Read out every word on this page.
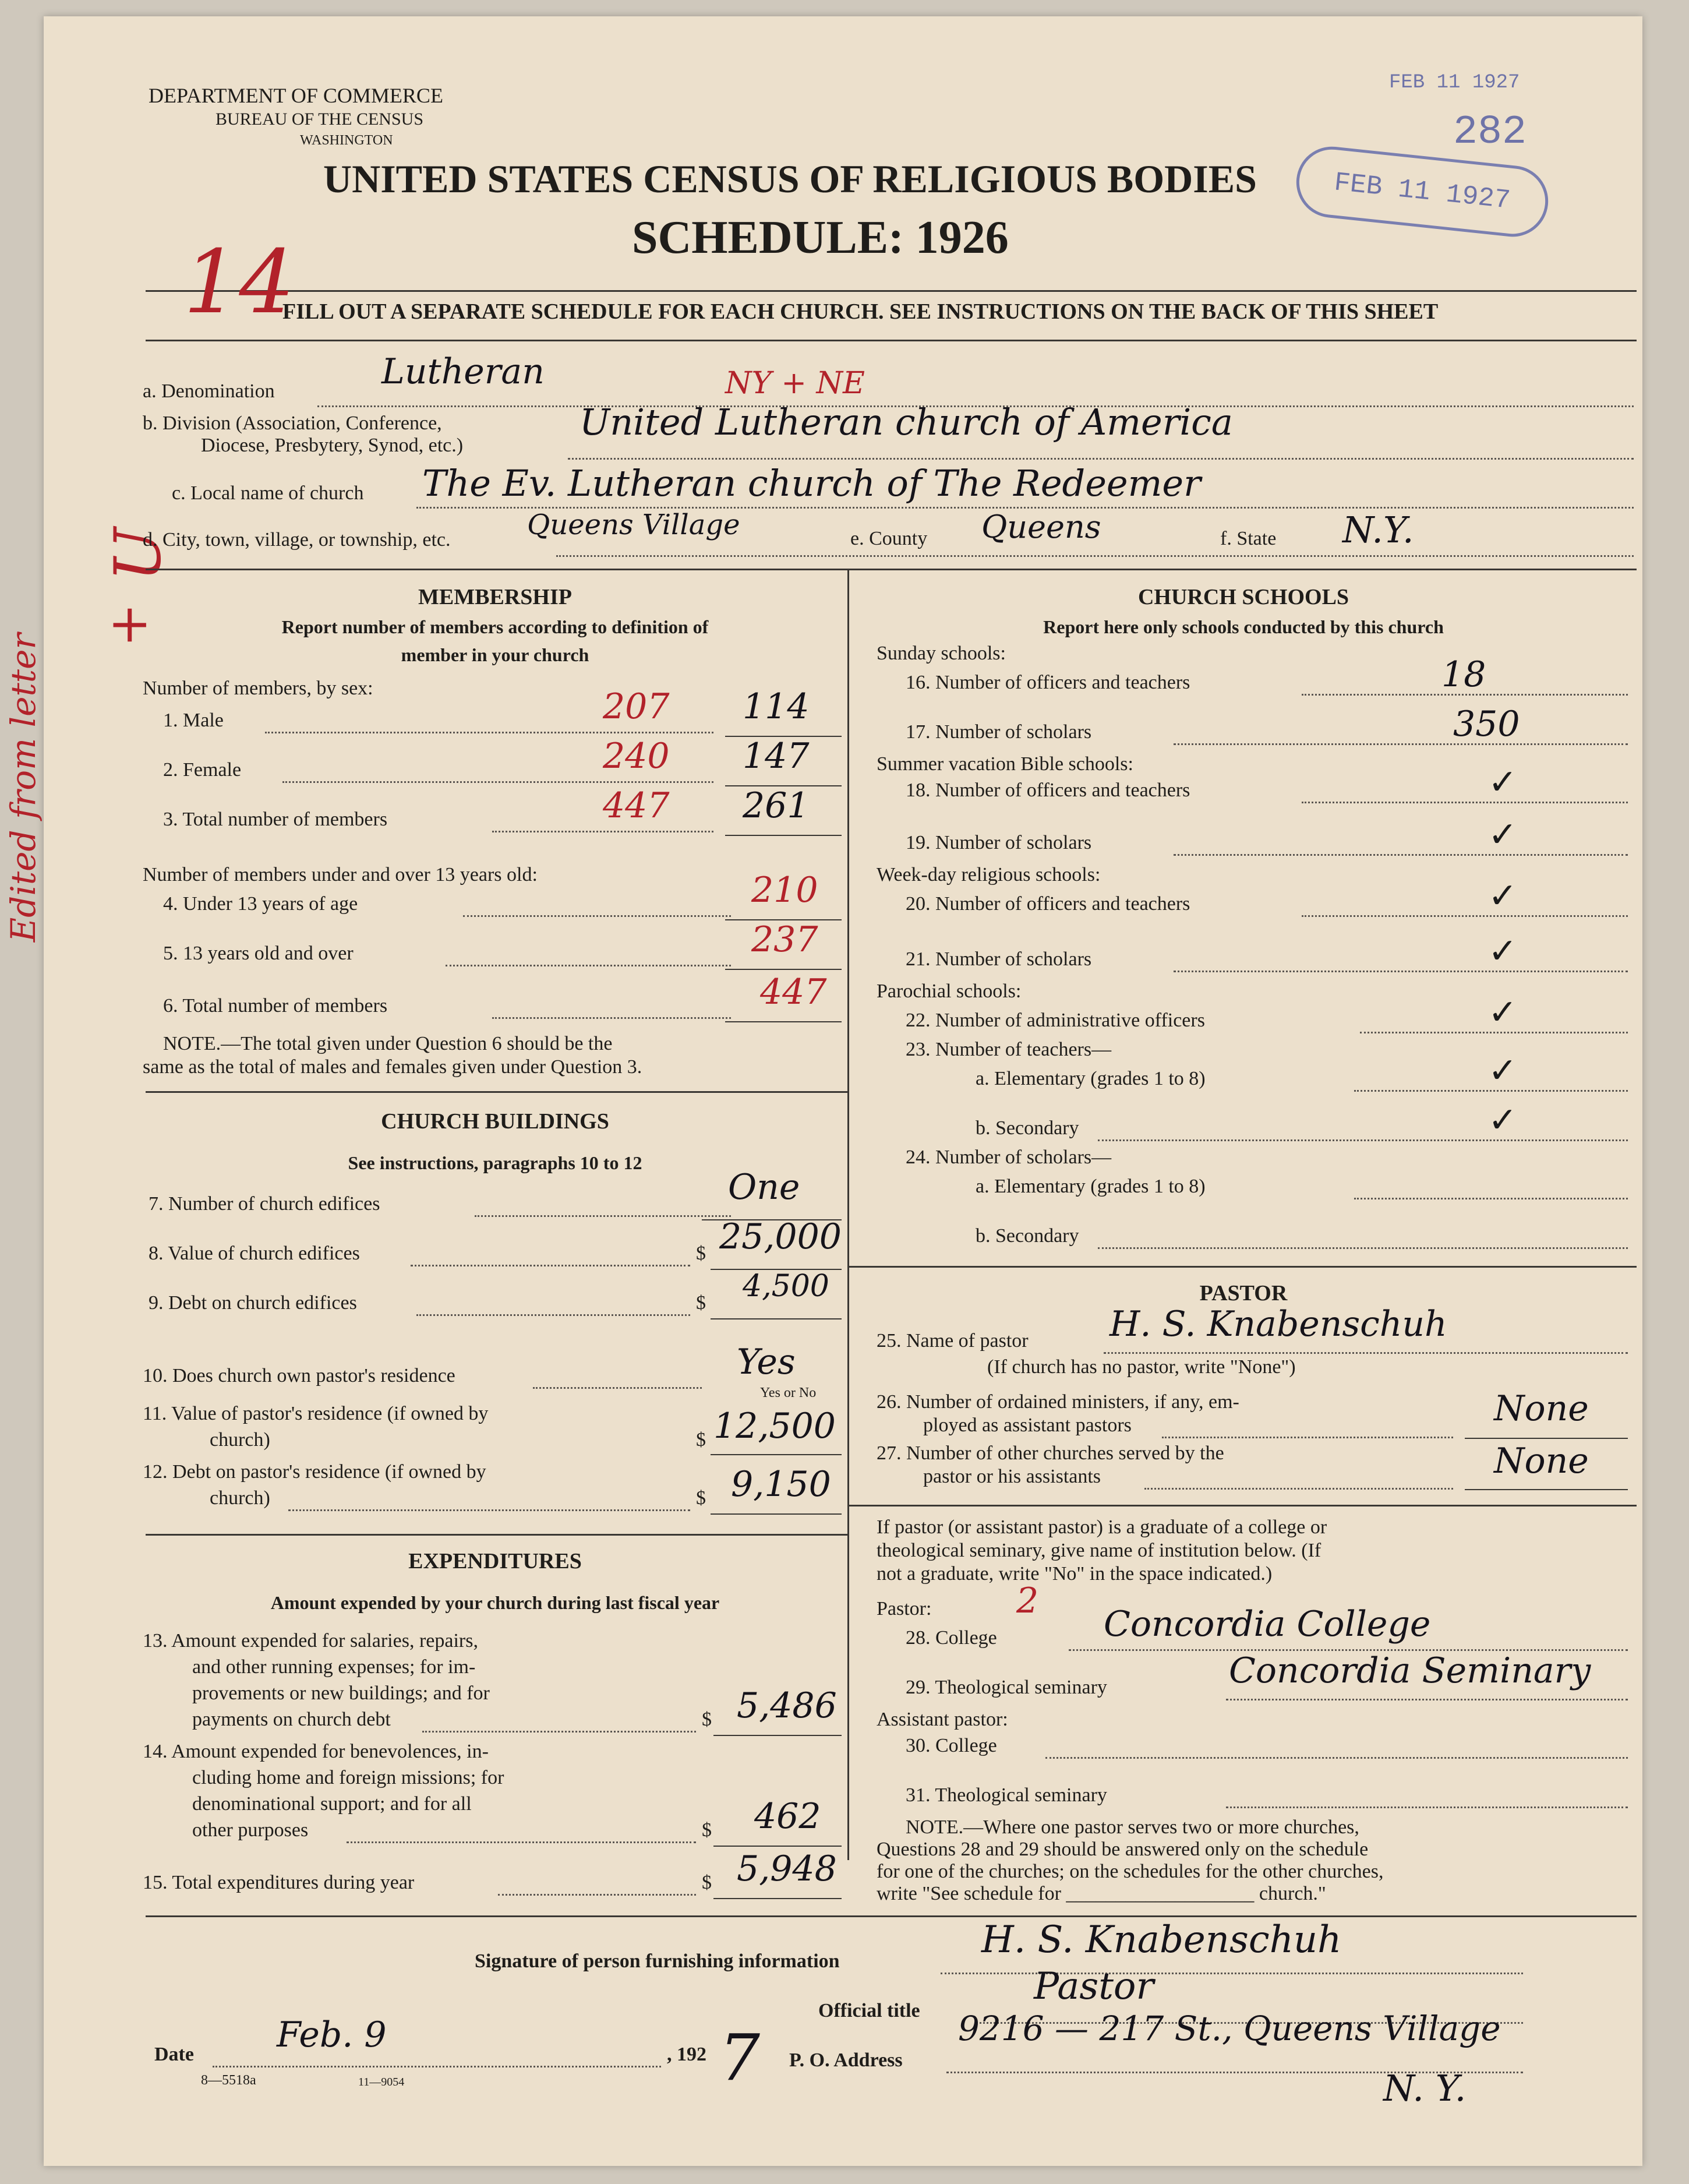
DEPARTMENT OF COMMERCE
BUREAU OF THE CENSUS
WASHINGTON
UNITED STATES CENSUS OF RELIGIOUS BODIES
SCHEDULE: 1926
FILL OUT A SEPARATE SCHEDULE FOR EACH CHURCH. SEE INSTRUCTIONS ON THE BACK OF THIS SHEET
FEB 11 1927
FEB 11 1927
282
14
Edited from letter
+
U
NY + NE
a. Denomination	Lutheran
b. Division (Association, Conference,
Diocese, Presbytery, Synod, etc.)
United Lutheran church of America
c. Local name of church The Ev. Lutheran church of The Redeemer
d. City, town, village, or township, etc.	Queens Village	e. County Queens	f. State N.Y.
MEMBERSHIP
Report number of members according to definition of
member in your church
Number of members, by sex:
1. Male	207 114
2. Female	240 147
3. Total number of members	447 261
Number of members under and over 13 years old:
4. Under 13 years of age	210
5. 13 years old and over	237
6. Total number of members	447
NOTE.—The total given under Question 6 should be the
same as the total of males and females given under Question 3.
CHURCH BUILDINGS
See instructions, paragraphs 10 to 12
7. Number of church edifices	One
8. Value of church edifices	$ 25,000
9. Debt on church edifices	$ 4,500
10. Does church own pastor's residence	Yes
Yes or No
11. Value of pastor's residence (if owned by
church)	$ 12,500
12. Debt on pastor's residence (if owned by
church)	$ 9,150
EXPENDITURES
Amount expended by your church during last fiscal year
13. Amount expended for salaries, repairs,
and other running expenses; for im-
provements or new buildings; and for
payments on church debt	$ 5,486
14. Amount expended for benevolences, in-
cluding home and foreign missions; for
denominational support; and for all
other purposes	$ 462
15. Total expenditures during year	$ 5,948
CHURCH SCHOOLS
Report here only schools conducted by this church
Sunday schools:
16. Number of officers and teachers	18
17. Number of scholars	350
Summer vacation Bible schools:
18. Number of officers and teachers	✓
19. Number of scholars	✓
Week-day religious schools:
20. Number of officers and teachers	✓
21. Number of scholars	✓
Parochial schools:
22. Number of administrative officers	✓
23. Number of teachers—
a. Elementary (grades 1 to 8)	✓
b. Secondary	✓
24. Number of scholars—
a. Elementary (grades 1 to 8)
b. Secondary
PASTOR
25. Name of pastor H. S. Knabenschuh
(If church has no pastor, write "None")
26. Number of ordained ministers, if any, em-
ployed as assistant pastors	None
27. Number of other churches served by the
pastor or his assistants	None
If pastor (or assistant pastor) is a graduate of a college or
theological seminary, give name of institution below. (If
not a graduate, write "No" in the space indicated.)
Pastor: 2
28. College	Concordia College
29. Theological seminary	Concordia Seminary
Assistant pastor:
30. College
31. Theological seminary
NOTE.—Where one pastor serves two or more churches,
Questions 28 and 29 should be answered only on the schedule
for one of the churches; on the schedules for the other churches,
write "See schedule for ___________________ church."
Signature of person furnishing information	H. S. Knabenschuh
Official title
Pastor
Date Feb. 9	, 192 7
8—5518a	11—9054
P. O. Address
9216 — 217 St., Queens Village
N. Y.
